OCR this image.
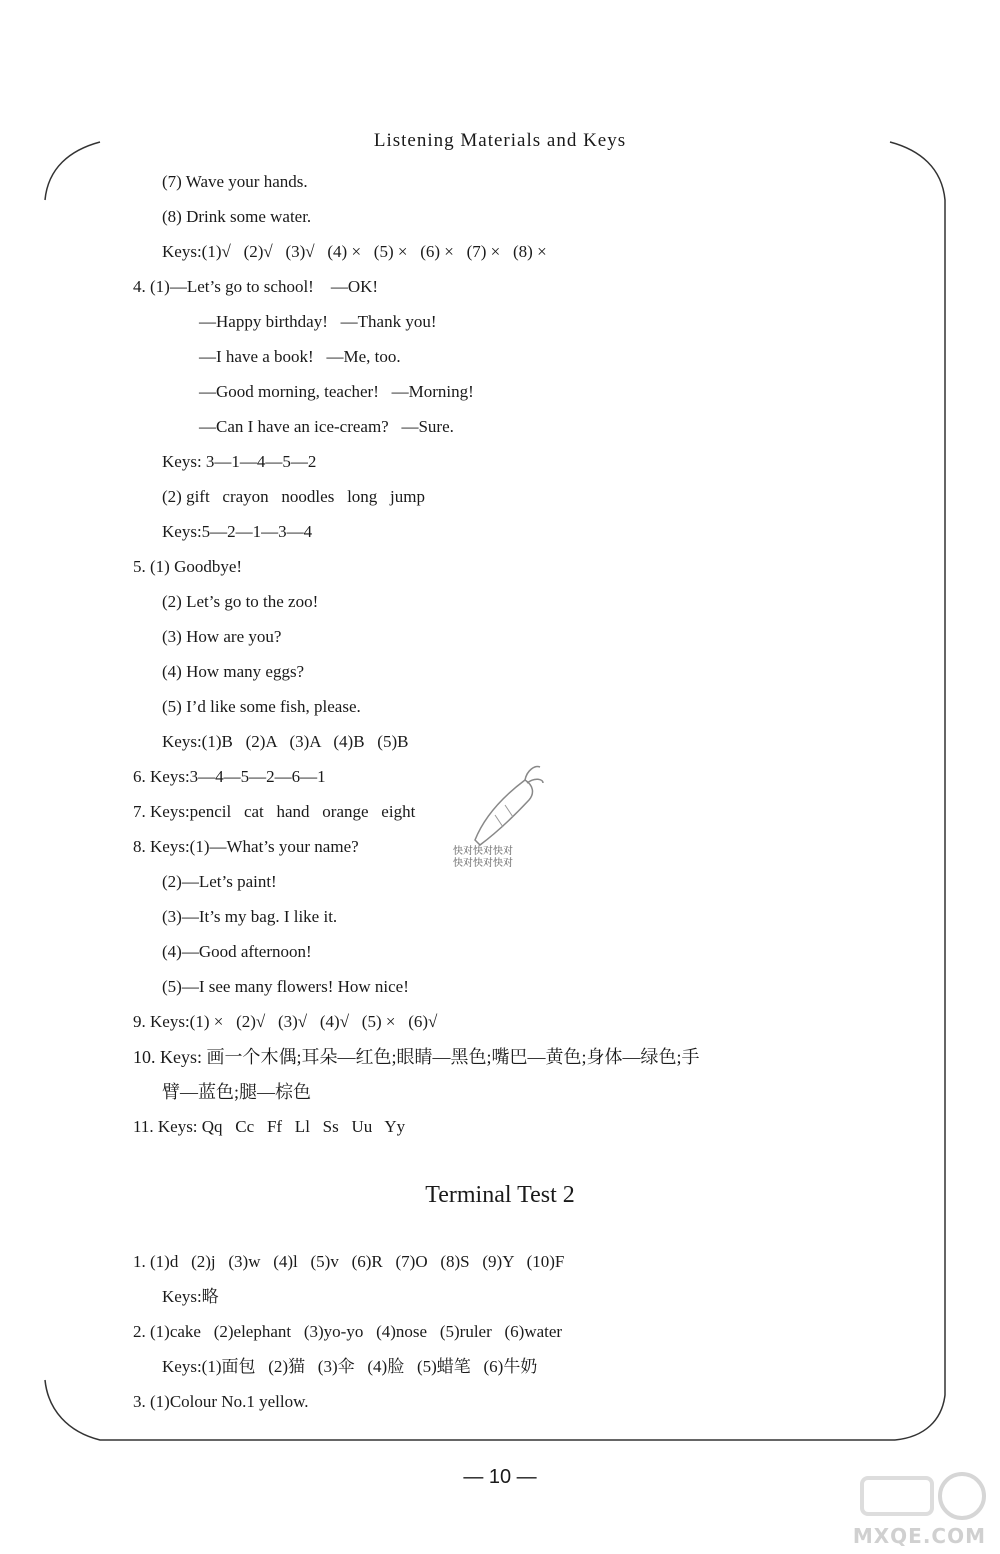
Listening Materials and Keys
(7) Wave your hands.
(8) Drink some water.
Keys:(1)√   (2)√   (3)√   (4) ×   (5) ×   (6) ×   (7) ×   (8) ×
4. (1)—Let’s go to school!    —OK!
—Happy birthday!   —Thank you!
—I have a book!   —Me, too.
—Good morning, teacher!   —Morning!
—Can I have an ice-cream?   —Sure.
Keys: 3—1—4—5—2
(2) gift   crayon   noodles   long   jump
Keys:5—2—1—3—4
5. (1) Goodbye!
(2) Let’s go to the zoo!
(3) How are you?
(4) How many eggs?
(5) I’d like some fish, please.
Keys:(1)B   (2)A   (3)A   (4)B   (5)B
6. Keys:3—4—5—2—6—1
7. Keys:pencil   cat   hand   orange   eight
8. Keys:(1)—What’s your name?
(2)—Let’s paint!
(3)—It’s my bag. I like it.
(4)—Good afternoon!
(5)—I see many flowers! How nice!
9. Keys:(1) ×   (2)√   (3)√   (4)√   (5) ×   (6)√
10. Keys: 画一个木偶;耳朵—红色;眼睛—黑色;嘴巴—黄色;身体—绿色;手
臂—蓝色;腿—棕色
11. Keys: Qq   Cc   Ff   Ll   Ss   Uu   Yy
Terminal Test 2
1. (1)d   (2)j   (3)w   (4)l   (5)v   (6)R   (7)O   (8)S   (9)Y   (10)F
Keys:略
2. (1)cake   (2)elephant   (3)yo-yo   (4)nose   (5)ruler   (6)water
Keys:(1)面包   (2)猫   (3)伞   (4)脸   (5)蜡笔   (6)牛奶
3. (1)Colour No.1 yellow.
快对快对快对
快对快对快对
MXQE.COM
— 10 —
